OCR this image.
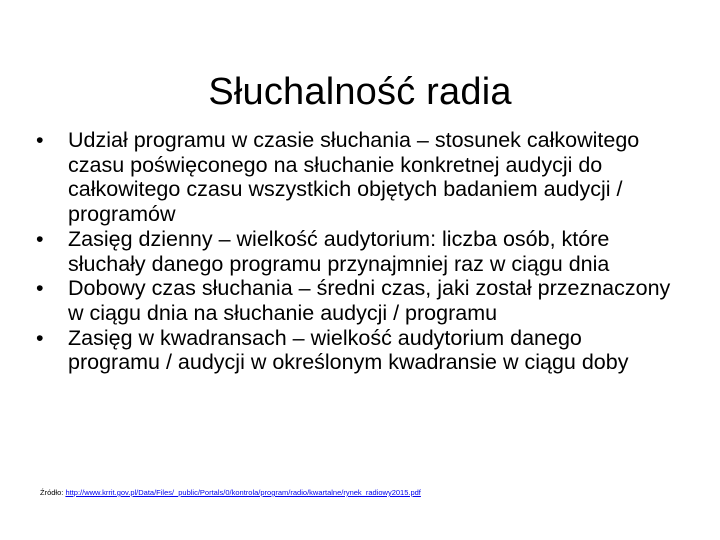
Słuchalność radia
•	Udział programu w czasie słuchania – stosunek całkowitego czasu poświęconego na słuchanie konkretnej audycji do całkowitego czasu wszystkich objętych badaniem audycji / programów
•	Zasięg dzienny – wielkość audytorium: liczba osób, które słuchały danego programu przynajmniej raz w ciągu dnia
•	Dobowy czas słuchania – średni czas, jaki został przeznaczony w ciągu dnia na słuchanie audycji / programu
•	Zasięg w kwadransach – wielkość audytorium danego programu / audycji w określonym kwadransie w ciągu doby
Źródło: http://www.krrit.gov.pl/Data/Files/_public/Portals/0/kontrola/program/radio/kwartalne/rynek_radiowy2015.pdf
